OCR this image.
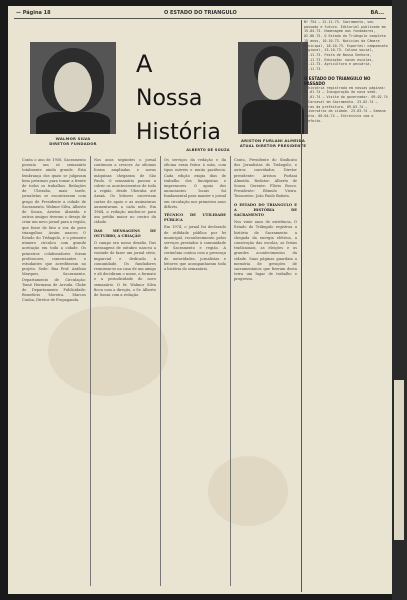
— Página 18	O ESTADO DO TRIANGULO	BA...
WALMOR SILVA
DIRETOR FUNDADOR
A
Nossa
História
ALBERTO DE SOUZA
ARISTON FURLANI ALMEIDA
ATUAL DIRETOR PRESIDENTE
Conta o ano de 1958. Sacramento possuía um só semanário totalmente ainda grande. Esta lembrança dos quais se julgavam bem próximos para tomar a frente de todos os trabalhos. Redações de Uberaba, mais tarde, jornalistas se encontravam com grupo de Presidente a cidade de Sacramento. Walmor Silva, Alberto de Souza, Ariston Almeida e outros amigos tiveram o desejo de criar um novo jornal para a região, que fosse de fato a voz do povo triangulino. Assim nasceu O Estado do Triângulo, e o primeiro número circulou com grande aceitação em toda a cidade. Os primeiros colaboradores foram professores, comerciantes e estudantes que acreditavam no projeto. Sede: Rua Prof. Antônio Marques, Sacramento. Departamento de Circulação: Tomé Hermann de Arruda. Clube de Departamento Publicidade: Benedicto Moreira. Marcos Cunha, Diretor de Propaganda.
Nos anos seguintes o jornal continuou a crescer. As oficinas foram ampliadas e novas máquinas chegaram de São Paulo. O semanário passou a cobrir os acontecimentos de toda a região, desde Uberaba até Araxá. Os leitores escreviam cartas de apoio e as assinaturas aumentavam a cada mês. Em 1964, a redação mudou-se para um prédio maior no centro da cidade.
DAS MENSAGENS DE OUTUBRO, A CRIAÇÃO
O campo era nosso desafio. Das mensagens de outubro nasceu a vontade de fazer um jornal sério, imparcial e dedicado à comunidade. Os fundadores reuniram-se na casa de um amigo e ali decidiram o nome, o formato e a periodicidade do novo semanário. O Sr. Walmor Silva ficou com a direção, o Sr. Alberto de Souza com a redação.
Os serviços da redação e da oficina eram feitos à mão, com tipos móveis e muita paciência. Cada edição exigia dias de trabalho dos linotipistas e impressores. O apoio dos anunciantes locais foi fundamental para manter o jornal em circulação nos primeiros anos difíceis.
TÉCNICO DE UTILIDADE PÚBLICA
Em 1974, o jornal foi declarado de utilidade pública por lei municipal, reconhecimento pelos serviços prestados à comunidade de Sacramento e região. A cerimônia contou com a presença de autoridades, jornalistas e leitores que acompanharam toda a história do semanário.
Couto, Presidente do Sindicato dos Jornalistas do Triângulo, e outros convidados. Diretor presidente: Ariston Furlani Almeida. Redator: Alberto de Souza. Gerente: Flávio Bosco. Presidente: Rômulo Vieira. Tesoureiro: João Paulo Batista.
O ESTADO DO TRIANGULO E A HISTÓRIA DE SACRAMENTO
Nos vinte anos de existência, O Estado do Triângulo registrou a história de Sacramento: a chegada da energia elétrica, a construção das escolas, as festas tradicionais, as eleições e os grandes acontecimentos da cidade. Suas páginas guardam a memória de gerações de sacramentanos que fizeram desta terra um lugar de trabalho e progresso.
Nº 754 — 22.11.73. Sacramento, seu passado e futuro. Editorial publicado em 15.04.73. Homenagem aos fundadores, 02.06.73. O Estado do Triângulo completa 15 anos, 10.10.73. Notícias da Câmara Municipal, 18.10.73. Esportes: campeonato regional, 25.10.73. Coluna social, 01.11.73. Festa de Nossa Senhora, 08.11.73. Educação: novas escolas, 15.11.73. Agricultura e pecuária, 22.11.73.
O ESTADO DO TRIANGULO NO PASSADO
A história registrada em nossas páginas: 12.01.74 — Inauguração da nova sede. 26.01.74 — Visita do governador. 09.02.74 — Carnaval em Sacramento. 23.02.74 — Obras da prefeitura. 09.03.74 — Aniversário da cidade. 23.03.74 — Semana Santa. 06.04.74 — Entrevista com o prefeito.
